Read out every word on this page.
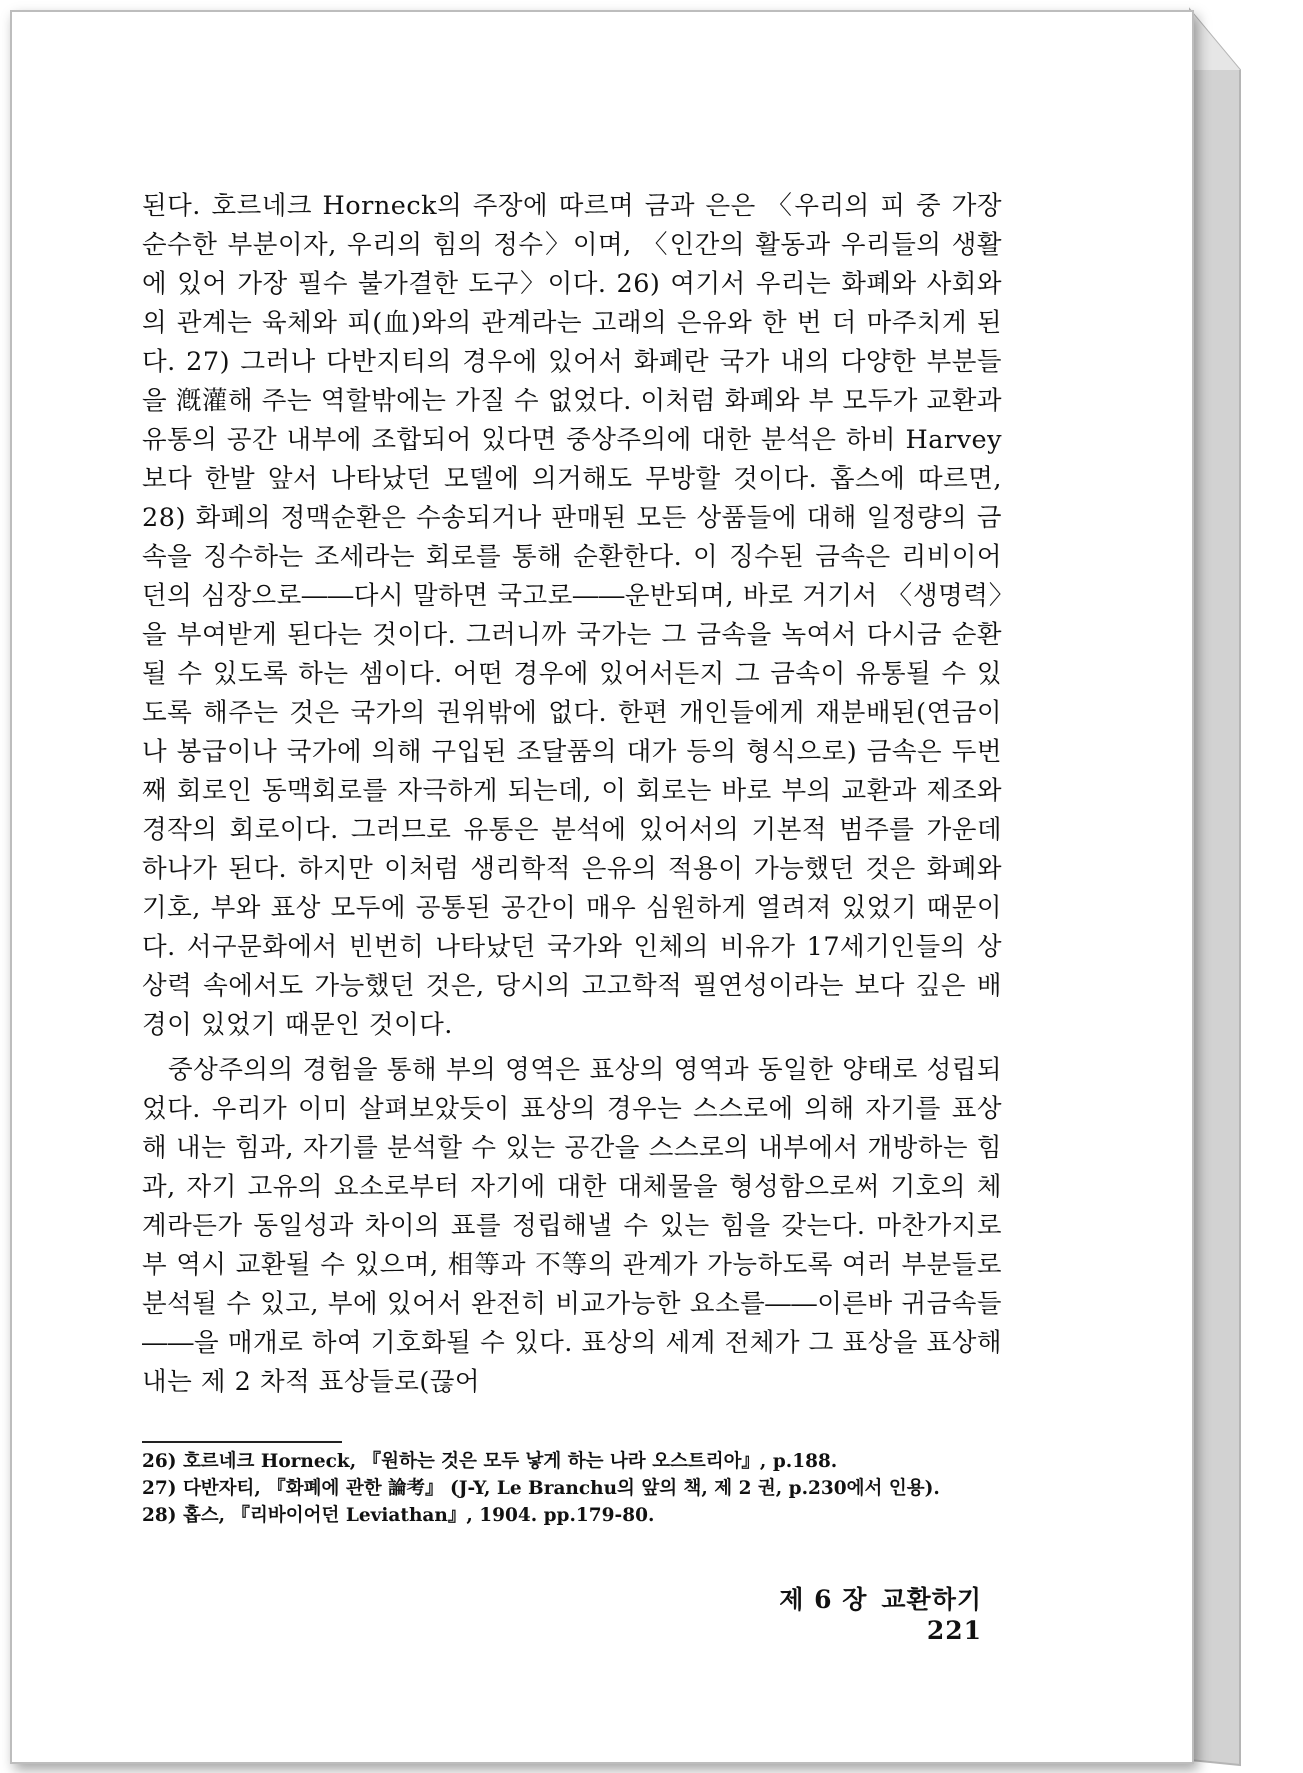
된다. 호르네크 Horneck의 주장에 따르며 금과 은은 〈우리의 피 중 가장 순수한 부분이자, 우리의 힘의 정수〉이며, 〈인간의 활동과 우리들의 생활에 있어 가장 필수 불가결한 도구〉이다. 26) 여기서 우리는 화폐와 사회와의 관계는 육체와 피(血)와의 관계라는 고래의 은유와 한 번 더 마주치게 된다. 27) 그러나 다반지티의 경우에 있어서 화폐란 국가 내의 다양한 부분들을 漑灌해 주는 역할밖에는 가질 수 없었다. 이처럼 화폐와 부 모두가 교환과 유통의 공간 내부에 조합되어 있다면 중상주의에 대한 분석은 하비 Harvey보다 한발 앞서 나타났던 모델에 의거해도 무방할 것이다. 홉스에 따르면, 28) 화폐의 정맥순환은 수송되거나 판매된 모든 상품들에 대해 일정량의 금속을 징수하는 조세라는 회로를 통해 순환한다. 이 징수된 금속은 리비이어던의 심장으로――다시 말하면 국고로――운반되며, 바로 거기서 〈생명력〉을 부여받게 된다는 것이다. 그러니까 국가는 그 금속을 녹여서 다시금 순환될 수 있도록 하는 셈이다. 어떤 경우에 있어서든지 그 금속이 유통될 수 있도록 해주는 것은 국가의 권위밖에 없다. 한편 개인들에게 재분배된(연금이나 봉급이나 국가에 의해 구입된 조달품의 대가 등의 형식으로) 금속은 두번째 회로인 동맥회로를 자극하게 되는데, 이 회로는 바로 부의 교환과 제조와 경작의 회로이다. 그러므로 유통은 분석에 있어서의 기본적 범주를 가운데 하나가 된다. 하지만 이처럼 생리학적 은유의 적용이 가능했던 것은 화폐와 기호, 부와 표상 모두에 공통된 공간이 매우 심원하게 열려져 있었기 때문이다. 서구문화에서 빈번히 나타났던 국가와 인체의 비유가 17세기인들의 상상력 속에서도 가능했던 것은, 당시의 고고학적 필연성이라는 보다 깊은 배경이 있었기 때문인 것이다.

중상주의의 경험을 통해 부의 영역은 표상의 영역과 동일한 양태로 성립되었다. 우리가 이미 살펴보았듯이 표상의 경우는 스스로에 의해 자기를 표상해 내는 힘과, 자기를 분석할 수 있는 공간을 스스로의 내부에서 개방하는 힘과, 자기 고유의 요소로부터 자기에 대한 대체물을 형성함으로써 기호의 체계라든가 동일성과 차이의 표를 정립해낼 수 있는 힘을 갖는다. 마찬가지로 부 역시 교환될 수 있으며, 相等과 不等의 관계가 가능하도록 여러 부분들로 분석될 수 있고, 부에 있어서 완전히 비교가능한 요소를――이른바 귀금속들――을 매개로 하여 기호화될 수 있다. 표상의 세계 전체가 그 표상을 표상해내는 제 2 차적 표상들로(끊어

26) 호르네크 Horneck, 『원하는 것은 모두 낳게 하는 나라 오스트리아』, p.188.
27) 다반자티, 『화폐에 관한 論考』 (J-Y, Le Branchu의 앞의 책, 제 2 권, p.230에서 인용).
28) 홉스, 『리바이어던 Leviathan』, 1904. pp.179-80.
제 6 장 교환하기221
